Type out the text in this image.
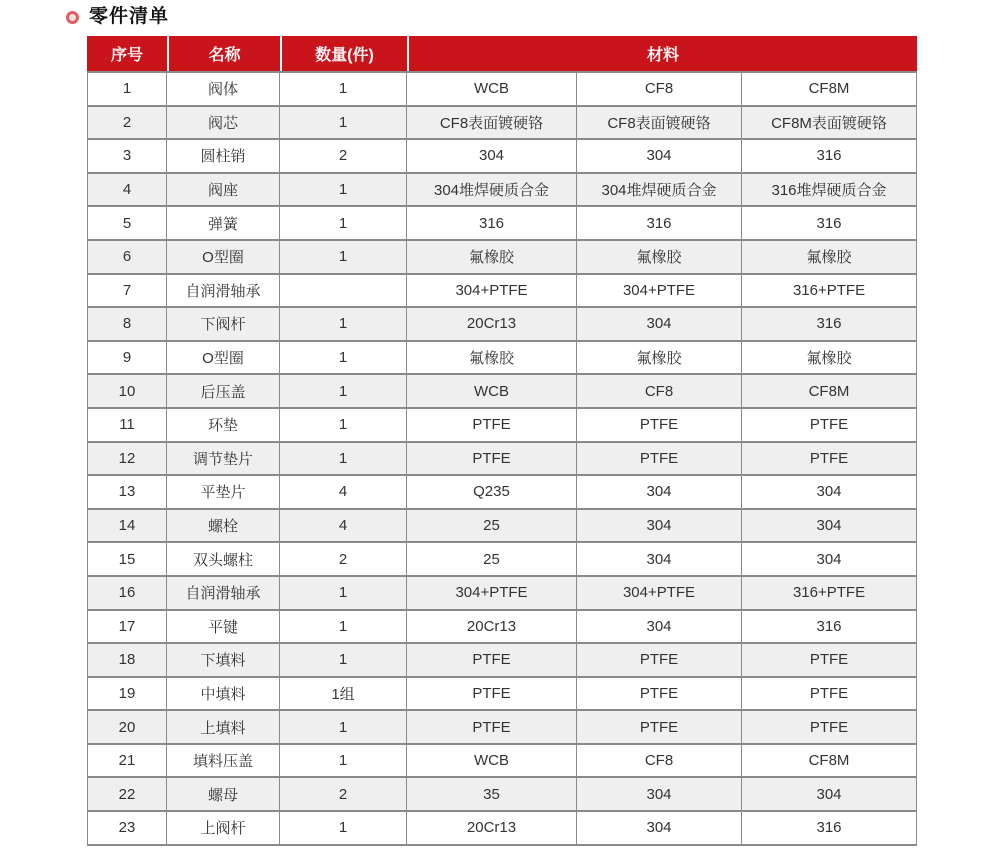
零件清单
序号	名称	数量(件)	材料		
1	阀体	1	WCB	CF8	CF8M
2	阀芯	1	CF8表面镀硬铬	CF8表面镀硬铬	CF8M表面镀硬铬
3	圆柱销	2	304	304	316
4	阀座	1	304堆焊硬质合金	304堆焊硬质合金	316堆焊硬质合金
5	弹簧	1	316	316	316
6	O型圈	1	氟橡胶	氟橡胶	氟橡胶
7	自润滑轴承		304+PTFE	304+PTFE	316+PTFE
8	下阀杆	1	20Cr13	304	316
9	O型圈	1	氟橡胶	氟橡胶	氟橡胶
10	后压盖	1	WCB	CF8	CF8M
11	环垫	1	PTFE	PTFE	PTFE
12	调节垫片	1	PTFE	PTFE	PTFE
13	平垫片	4	Q235	304	304
14	螺栓	4	25	304	304
15	双头螺柱	2	25	304	304
16	自润滑轴承	1	304+PTFE	304+PTFE	316+PTFE
17	平键	1	20Cr13	304	316
18	下填料	1	PTFE	PTFE	PTFE
19	中填料	1组	PTFE	PTFE	PTFE
20	上填料	1	PTFE	PTFE	PTFE
21	填料压盖	1	WCB	CF8	CF8M
22	螺母	2	35	304	304
23	上阀杆	1	20Cr13	304	316
